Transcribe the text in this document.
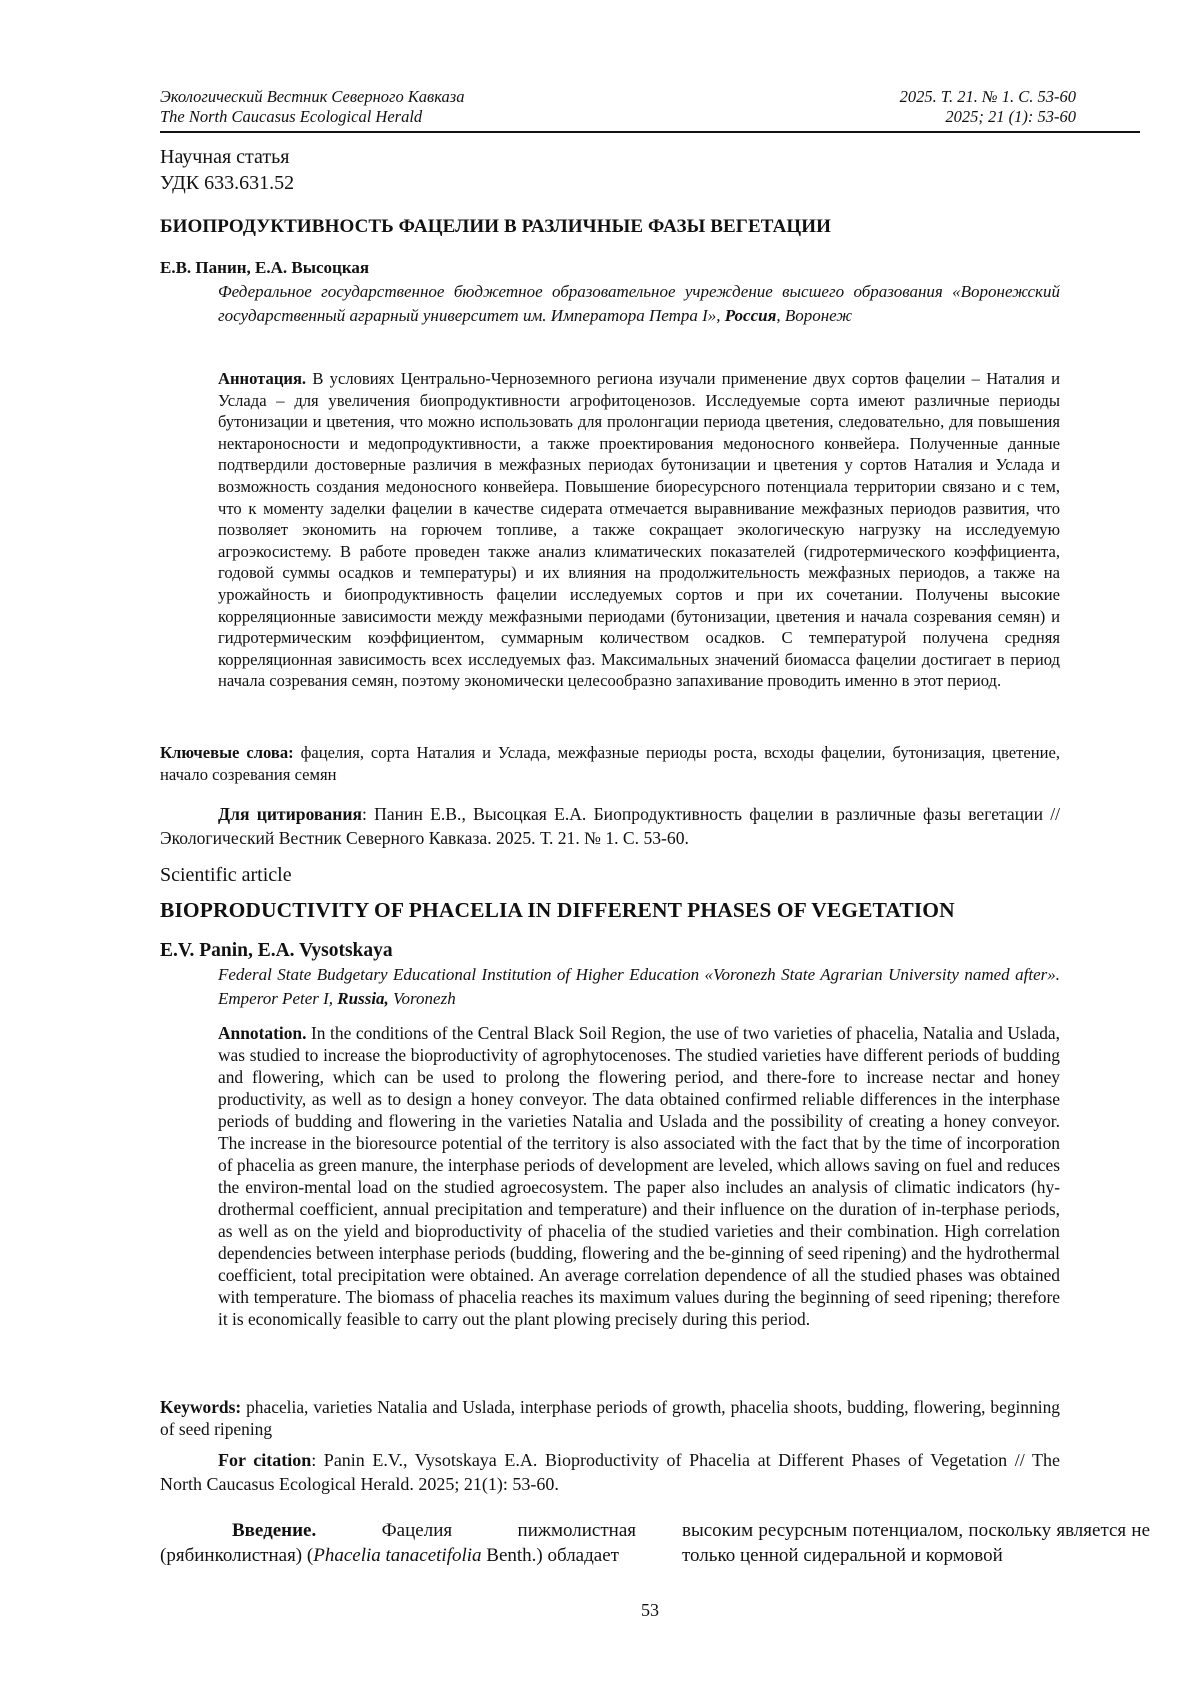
Экологический Вестник Северного Кавказа
The North Caucasus Ecological Herald
2025. Т. 21. № 1. С. 53-60
2025; 21 (1): 53-60
Научная статья
УДК 633.631.52
БИОПРОДУКТИВНОСТЬ ФАЦЕЛИИ В РАЗЛИЧНЫЕ ФАЗЫ ВЕГЕТАЦИИ
Е.В. Панин, Е.А. Высоцкая
Федеральное государственное бюджетное образовательное учреждение высшего образования «Воронежский государственный аграрный университет им. Императора Петра I», Россия, Воронеж
Аннотация. В условиях Центрально-Черноземного региона изучали применение двух сортов фацелии – Наталия и Услада – для увеличения биопродуктивности агрофитоценозов. Исследуемые сорта имеют различные периоды бутонизации и цветения, что можно использовать для пролонгации периода цветения, следовательно, для повышения нектароносности и медопродуктивности, а также проектирования медоносного конвейера. Полученные данные подтвердили достоверные различия в межфазных периодах бутонизации и цветения у сортов Наталия и Услада и возможность создания медоносного конвейера. Повышение биоресурсного потенциала территории связано и с тем, что к моменту заделки фацелии в качестве сидерата отмечается выравнивание межфазных периодов развития, что позволяет экономить на горючем топливе, а также сокращает экологическую нагрузку на исследуемую агроэкосистему. В работе проведен также анализ климатических показателей (гидротермического коэффициента, годовой суммы осадков и температуры) и их влияния на продолжительность межфазных периодов, а также на урожайность и биопродуктивность фацелии исследуемых сортов и при их сочетании. Получены высокие корреляционные зависимости между межфазными периодами (бутонизации, цветения и начала созревания семян) и гидротермическим коэффициентом, суммарным количеством осадков. С температурой получена средняя корреляционная зависимость всех исследуемых фаз. Максимальных значений биомасса фацелии достигает в период начала созревания семян, поэтому экономически целесообразно запахивание проводить именно в этот период.
Ключевые слова: фацелия, сорта Наталия и Услада, межфазные периоды роста, всходы фацелии, бутонизация, цветение, начало созревания семян
Для цитирования: Панин Е.В., Высоцкая Е.А. Биопродуктивность фацелии в различные фазы вегетации // Экологический Вестник Северного Кавказа. 2025. Т. 21. № 1. С. 53-60.
Scientific article
BIOPRODUCTIVITY OF PHACELIA IN DIFFERENT PHASES OF VEGETATION
E.V. Panin, E.A. Vysotskaya
Federal State Budgetary Educational Institution of Higher Education «Voronezh State Agrarian University named after». Emperor Peter I, Russia, Voronezh
Annotation. In the conditions of the Central Black Soil Region, the use of two varieties of phacelia, Natalia and Uslada, was studied to increase the bioproductivity of agrophytocenoses. The studied varieties have different periods of budding and flowering, which can be used to prolong the flowering period, and there-fore to increase nectar and honey productivity, as well as to design a honey conveyor. The data obtained confirmed reliable differences in the interphase periods of budding and flowering in the varieties Natalia and Uslada and the possibility of creating a honey conveyor. The increase in the bioresource potential of the territory is also associated with the fact that by the time of incorporation of phacelia as green manure, the interphase periods of development are leveled, which allows saving on fuel and reduces the environ-mental load on the studied agroecosystem. The paper also includes an analysis of climatic indicators (hy-drothermal coefficient, annual precipitation and temperature) and their influence on the duration of in-terphase periods, as well as on the yield and bioproductivity of phacelia of the studied varieties and their combination. High correlation dependencies between interphase periods (budding, flowering and the be-ginning of seed ripening) and the hydrothermal coefficient, total precipitation were obtained. An average correlation dependence of all the studied phases was obtained with temperature. The biomass of phacelia reaches its maximum values during the beginning of seed ripening; therefore it is economically feasible to carry out the plant plowing precisely during this period.
Keywords: phacelia, varieties Natalia and Uslada, interphase periods of growth, phacelia shoots, budding, flowering, beginning of seed ripening
For citation: Panin E.V., Vysotskaya E.A. Bioproductivity of Phacelia at Different Phases of Vegetation // The North Caucasus Ecological Herald. 2025; 21(1): 53-60.
Введение. Фацелия пижмолистная (рябинколистная) (Phacelia tanacetifolia Benth.) обладает
высоким ресурсным потенциалом, поскольку является не только ценной сидеральной и кормовой
53
